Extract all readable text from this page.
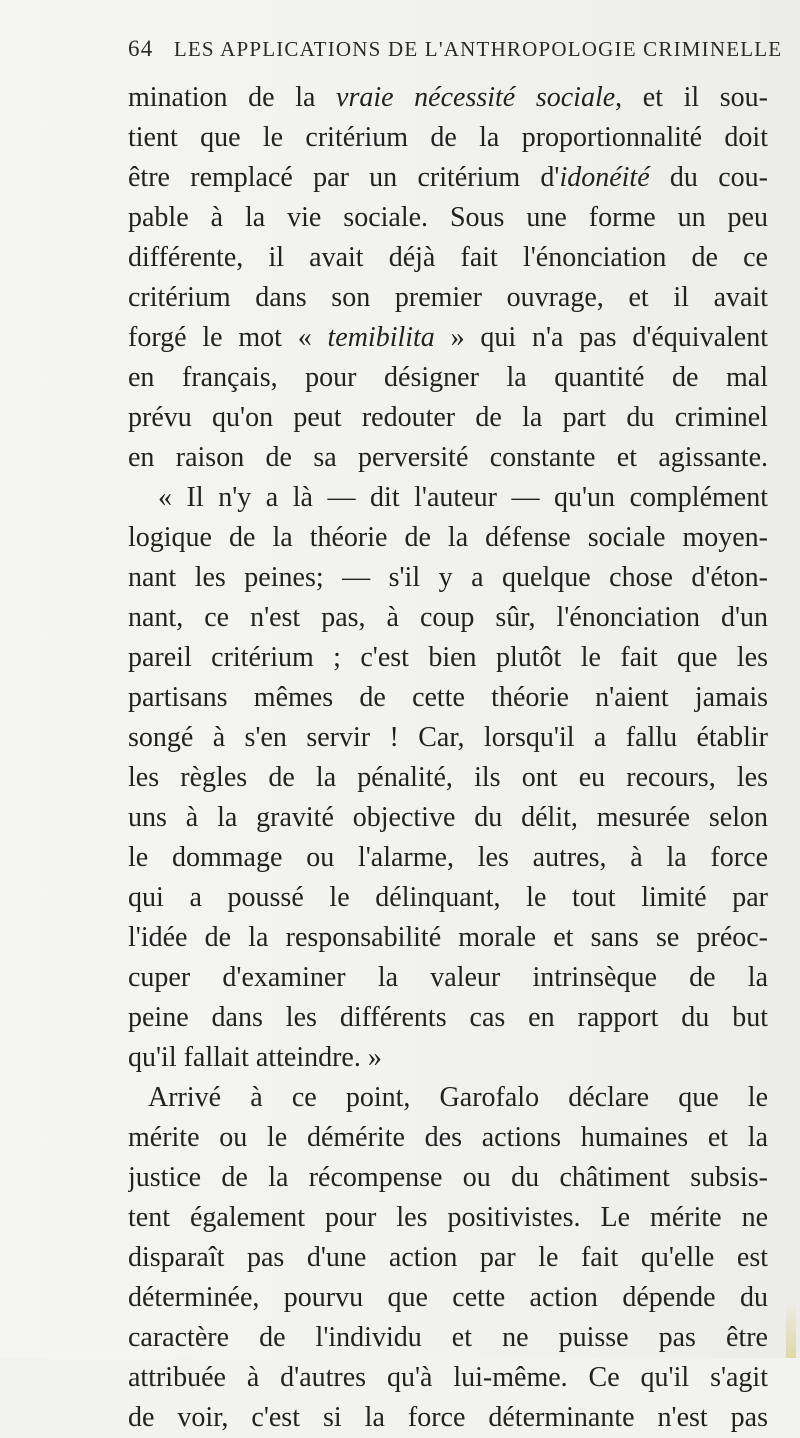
64 LES APPLICATIONS DE L'ANTHROPOLOGIE CRIMINELLE
mination de la vraie nécessité sociale, et il sou-
tient que le critérium de la proportionnalité doit
être remplacé par un critérium d'idonéité du cou-
pable à la vie sociale. Sous une forme un peu
différente, il avait déjà fait l'énonciation de ce
critérium dans son premier ouvrage, et il avait
forgé le mot « temibilita » qui n'a pas d'équivalent
en français, pour désigner la quantité de mal
prévu qu'on peut redouter de la part du criminel
en raison de sa perversité constante et agissante.
« Il n'y a là — dit l'auteur — qu'un complément
logique de la théorie de la défense sociale moyen-
nant les peines; — s'il y a quelque chose d'éton-
nant, ce n'est pas, à coup sûr, l'énonciation d'un
pareil critérium ; c'est bien plutôt le fait que les
partisans mêmes de cette théorie n'aient jamais
songé à s'en servir ! Car, lorsqu'il a fallu établir
les règles de la pénalité, ils ont eu recours, les
uns à la gravité objective du délit, mesurée selon
le dommage ou l'alarme, les autres, à la force
qui a poussé le délinquant, le tout limité par
l'idée de la responsabilité morale et sans se préoc-
cuper d'examiner la valeur intrinsèque de la
peine dans les différents cas en rapport du but
qu'il fallait atteindre. »
Arrivé à ce point, Garofalo déclare que le
mérite ou le démérite des actions humaines et la
justice de la récompense ou du châtiment subsis-
tent également pour les positivistes. Le mérite ne
disparaît pas d'une action par le fait qu'elle est
déterminée, pourvu que cette action dépende du
caractère de l'individu et ne puisse pas être
attribuée à d'autres qu'à lui-même. Ce qu'il s'agit
de voir, c'est si la force déterminante n'est pas
